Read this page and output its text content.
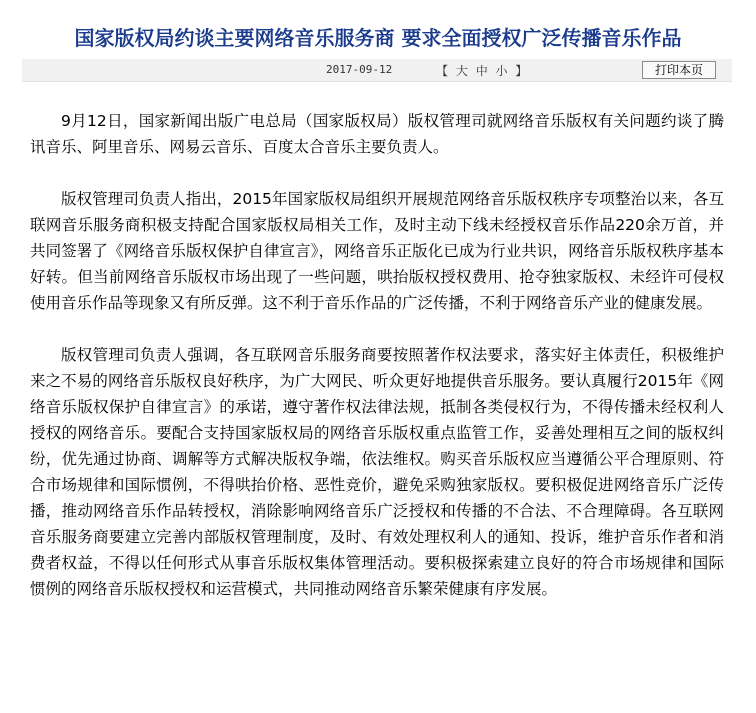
国家版权局约谈主要网络音乐服务商 要求全面授权广泛传播音乐作品
2017-09-12	【 大 中 小 】	打印本页

9月12日，国家新闻出版广电总局（国家版权局）版权管理司就网络音乐版权有关问题约谈了腾讯音乐、阿里音乐、网易云音乐、百度太合音乐主要负责人。

版权管理司负责人指出，2015年国家版权局组织开展规范网络音乐版权秩序专项整治以来，各互联网音乐服务商积极支持配合国家版权局相关工作，及时主动下线未经授权音乐作品220余万首，并共同签署了《网络音乐版权保护自律宣言》，网络音乐正版化已成为行业共识，网络音乐版权秩序基本好转。但当前网络音乐版权市场出现了一些问题，哄抬版权授权费用、抢夺独家版权、未经许可侵权使用音乐作品等现象又有所反弹。这不利于音乐作品的广泛传播，不利于网络音乐产业的健康发展。

版权管理司负责人强调，各互联网音乐服务商要按照著作权法要求，落实好主体责任，积极维护来之不易的网络音乐版权良好秩序，为广大网民、听众更好地提供音乐服务。要认真履行2015年《网络音乐版权保护自律宣言》的承诺，遵守著作权法律法规，抵制各类侵权行为，不得传播未经权利人授权的网络音乐。要配合支持国家版权局的网络音乐版权重点监管工作，妥善处理相互之间的版权纠纷，优先通过协商、调解等方式解决版权争端，依法维权。购买音乐版权应当遵循公平合理原则、符合市场规律和国际惯例，不得哄抬价格、恶性竞价，避免采购独家版权。要积极促进网络音乐广泛传播，推动网络音乐作品转授权，消除影响网络音乐广泛授权和传播的不合法、不合理障碍。各互联网音乐服务商要建立完善内部版权管理制度，及时、有效处理权利人的通知、投诉，维护音乐作者和消费者权益，不得以任何形式从事音乐版权集体管理活动。要积极探索建立良好的符合市场规律和国际惯例的网络音乐版权授权和运营模式，共同推动网络音乐繁荣健康有序发展。
